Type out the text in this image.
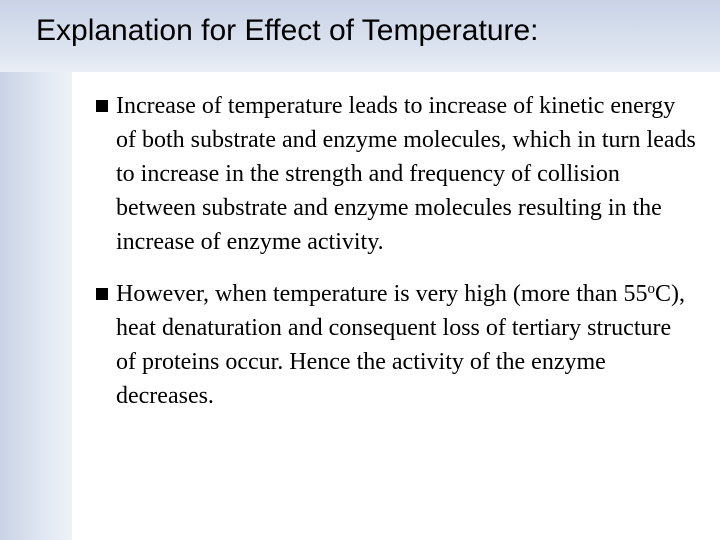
Explanation for Effect of Temperature:
Increase of temperature leads to increase of kinetic energy of both substrate and enzyme molecules, which in turn leads to increase in the strength and frequency of collision between substrate and enzyme molecules resulting in the increase of enzyme activity.
However, when temperature is very high (more than 55$^o$C), heat denaturation and consequent loss of tertiary structure of proteins occur. Hence the activity of the enzyme decreases.
